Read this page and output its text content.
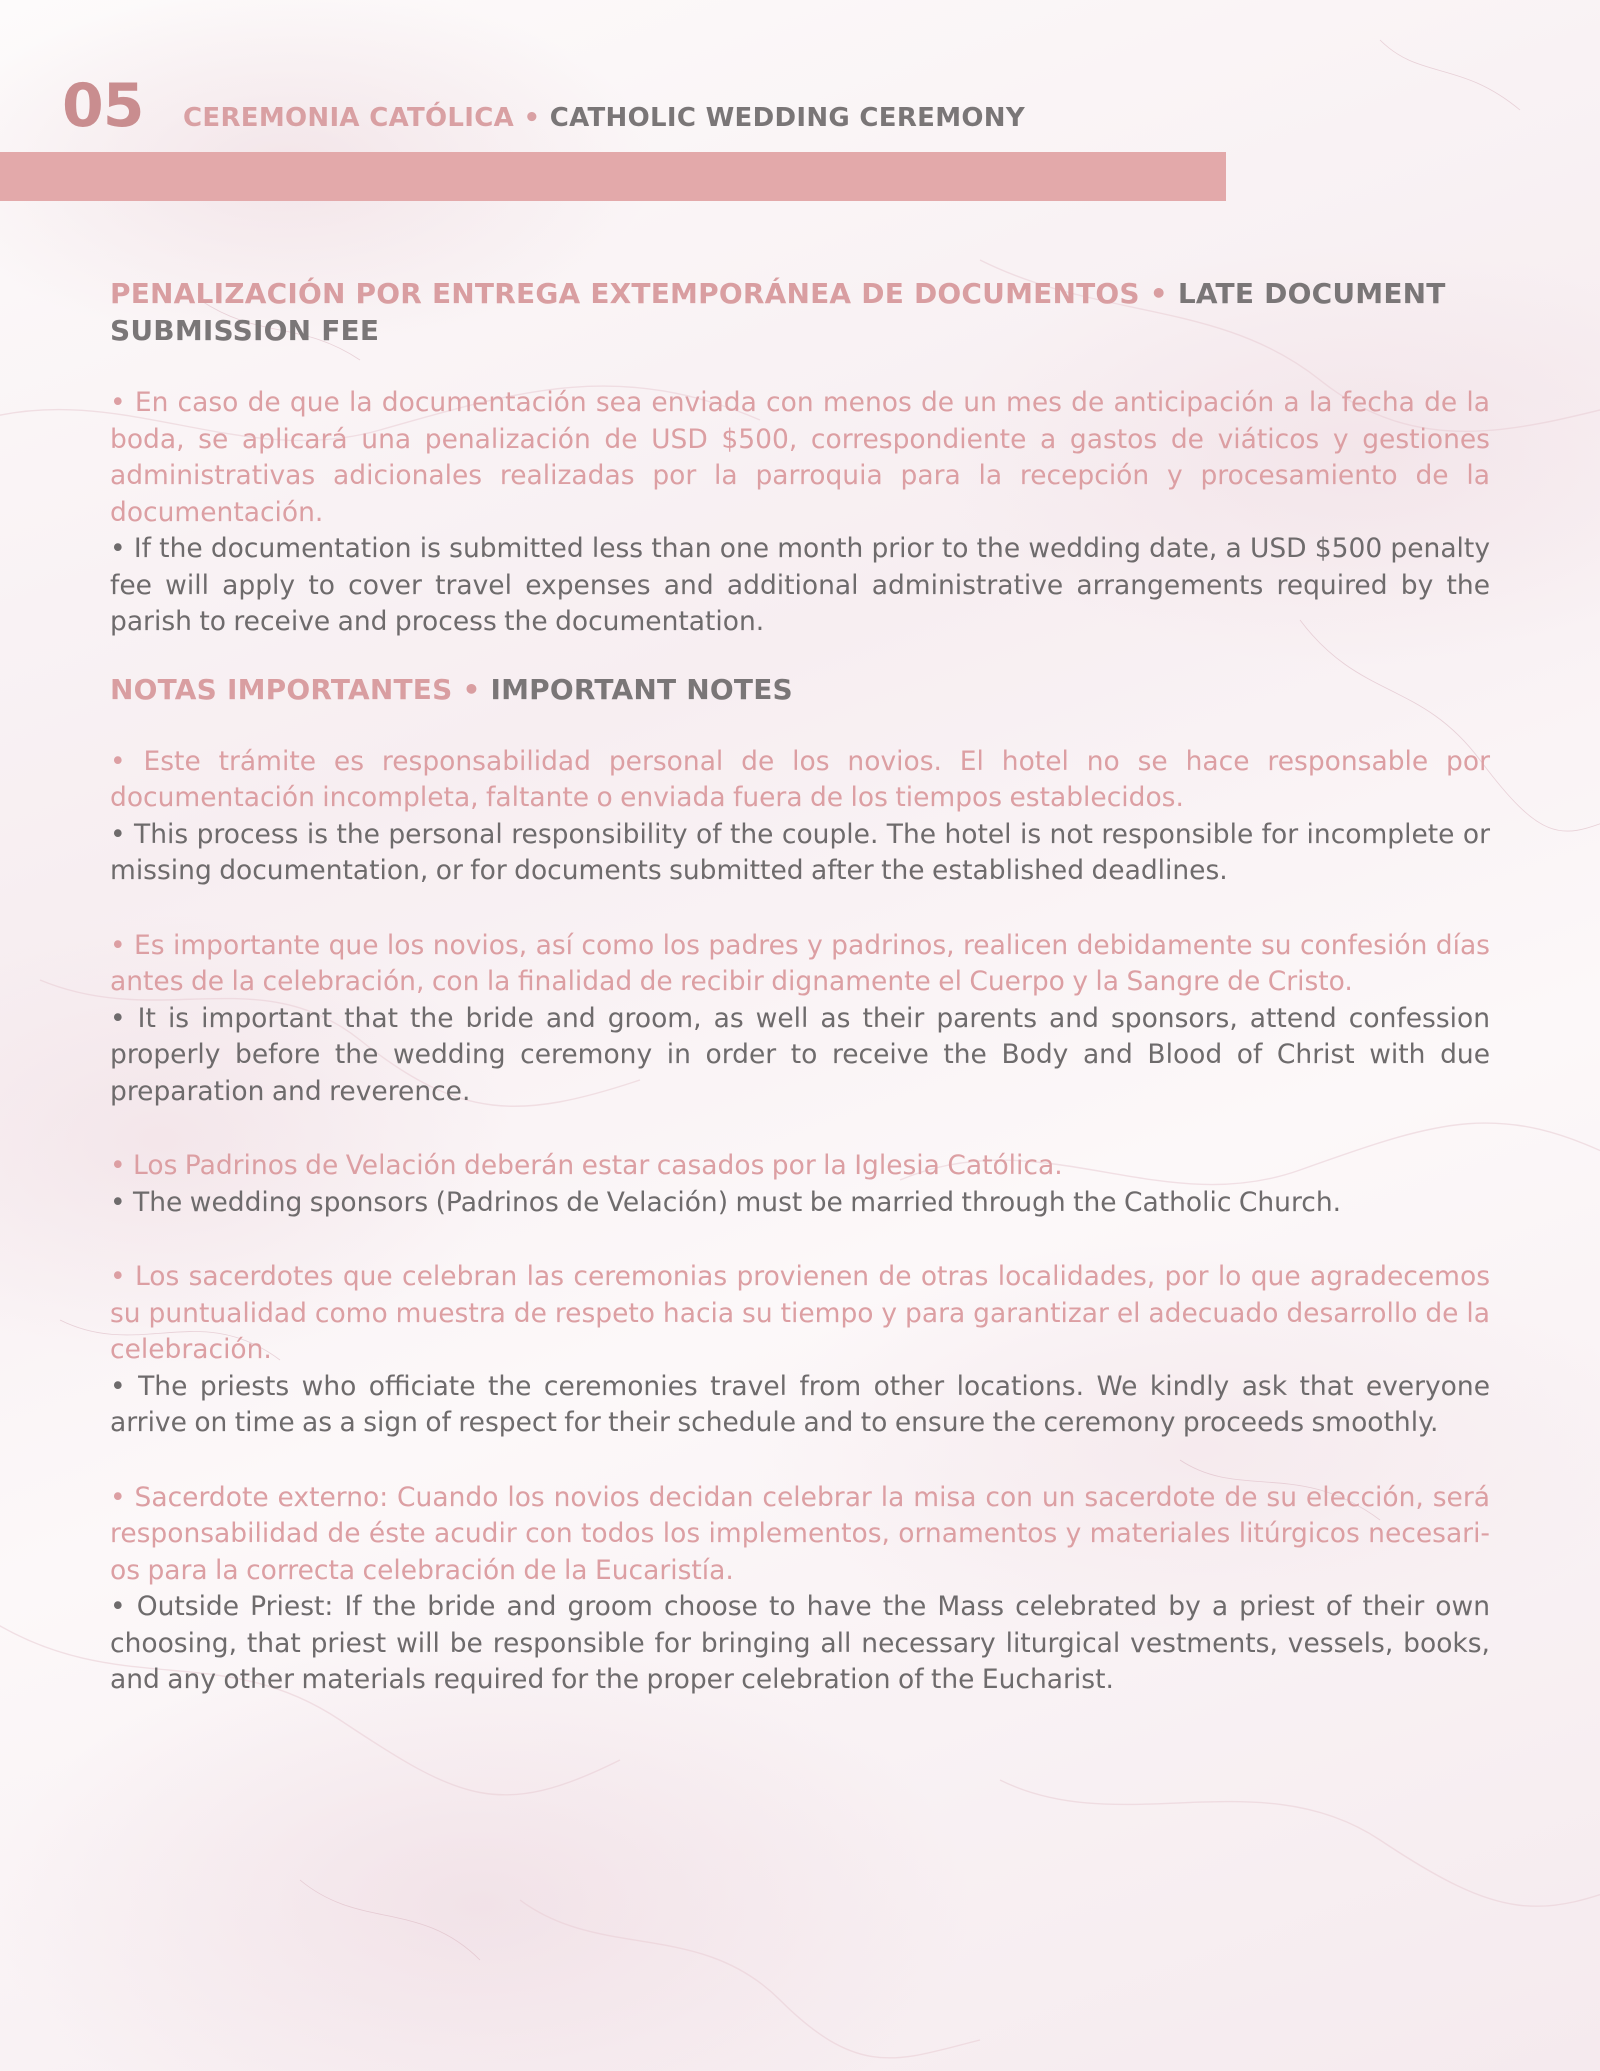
05 CEREMONIA CATÓLICA • CATHOLIC WEDDING CEREMONY
PENALIZACIÓN POR ENTREGA EXTEMPORÁNEA DE DOCUMENTOS • LATE DOCUMENT SUBMISSION FEE

• En caso de que la documentación sea enviada con menos de un mes de anticipación a la fecha de la boda, se aplicará una penalización de USD $500, correspondiente a gastos de viáticos y gestiones administrativas adicionales realizadas por la parroquia para la recepción y procesamiento de la documentación.

• If the documentation is submitted less than one month prior to the wedding date, a USD $500 penalty fee will apply to cover travel expenses and additional administrative arrangements required by the parish to receive and process the documentation.

NOTAS IMPORTANTES • IMPORTANT NOTES

• Este trámite es responsabilidad personal de los novios. El hotel no se hace responsable por documentación incompleta, faltante o enviada fuera de los tiempos establecidos.

• This process is the personal responsibility of the couple. The hotel is not responsible for incomplete or missing documentation, or for documents submitted after the established deadlines.

• Es importante que los novios, así como los padres y padrinos, realicen debidamente su confesión días antes de la celebración, con la finalidad de recibir dignamente el Cuerpo y la Sangre de Cristo.

• It is important that the bride and groom, as well as their parents and sponsors, attend confession properly before the wedding ceremony in order to receive the Body and Blood of Christ with due preparation and reverence.

• Los Padrinos de Velación deberán estar casados por la Iglesia Católica.

• The wedding sponsors (Padrinos de Velación) must be married through the Catholic Church.

• Los sacerdotes que celebran las ceremonias provienen de otras localidades, por lo que agradecemos su puntualidad como muestra de respeto hacia su tiempo y para garantizar el adecuado desarrollo de la celebración.

• The priests who officiate the ceremonies travel from other locations. We kindly ask that everyone arrive on time as a sign of respect for their schedule and to ensure the ceremony proceeds smoothly.

• Sacerdote externo: Cuando los novios decidan celebrar la misa con un sacerdote de su elección, será responsabilidad de éste acudir con todos los implementos, ornamentos y materiales litúrgicos necesari-os para la correcta celebración de la Eucaristía.

• Outside Priest: If the bride and groom choose to have the Mass celebrated by a priest of their own choosing, that priest will be responsible for bringing all necessary liturgical vestments, vessels, books, and any other materials required for the proper celebration of the Eucharist.
